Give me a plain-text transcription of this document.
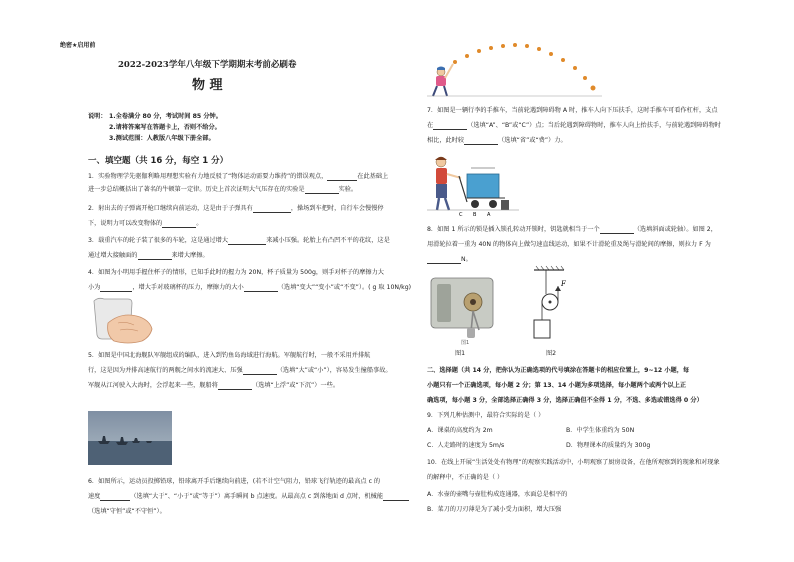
绝密★启用前
2022-2023学年八年级下学期期末考前必刷卷
物 理
说明： 1.全卷满分 80 分，考试时间 85 分钟。
2.请将答案写在答题卡上，否则不给分。
3.测试范围：人教版八年级下册全部。
一、填空题（共 16 分，每空 1 分）
1．实验物理学先驱伽利略用理想实验有力地反驳了“物体运动需要力维持”的错误观点，	在此基础上
进一步总结概括出了著名的牛顿第一定律。历史上首次证明大气压存在的实验是	实验。
2．射出去的子弹离开枪口继续向前运动，这是由于子弹具有	，操场到车把时，自行车会慢慢停
下，说明力可以改变物体的	。
3．载重汽车的轮子装了很多的车轮，这是通过增大	来减小压强。轮胎上有凸凹不平的花纹，这是
通过增大接触面的	来增大摩擦。
4．如图为小明用手握住杯子的情形，已知手此时的握力为 20N，杯子质量为 500g，则手对杯子的摩擦力大
小为	，增大手对玻璃杯的压力，摩擦力的大小	（选填“变大”“变小”或“不变”）。( g 取 10N/kg)
5．如图是中国北海舰队军舰组成的编队，进入到钓鱼岛海域进行海航。军舰航行时，一般不采用并排航
行，这是因为并排高速航行的两舰之间水的流速大、压强	（选填“大”或“小”），容易发生撞船事故。
军舰从江河驶入大海时，会浮起来一些，舰船将	（选填“上浮”或“下沉”）一些。
6．如图所示，运动员投掷铅球，铅球离开手后继续向前进，(若不计空气阻力，铅球飞行轨迹的最高点 c 的
速度	（选填“大于”、“小于”或“等于”）离手瞬间 b 点速度。从最高点 c 到落地面 d 点时，机械能
（选填“守恒”或“不守恒”）。
7．如图是一辆行李的手推车，当前轮遇到障碍物 A 时，推车人向下压扶手，这时手推车可看作杠杆，支点
在	（选填“A”、“B”或“C”）点；当后轮遇到障碍物时，推车人向上抬扶手，与前轮遇到障碍物时
相比，此时较	（选填“省”或“费”）力。
C B A
8．如图 1 所示的锁是插入锁孔转动开锁时，钥匙就相当于一个	（选填斜面或轮轴）。如图 2，
用滑轮拉着一重为 40N 的物体向上做匀速直线运动，如果不计滑轮重及绳与滑轮间的摩擦，则拉力 F 为
N。
图1
图1
F
图2
二、选择题（共 14 分，把你认为正确选项的代号填涂在答题卡的相应位置上，9~12 小题，每
小题只有一个正确选项，每小题 2 分；第 13、14 小题为多项选择，每小题两个或两个以上正
确选项，每小题 3 分，全部选择正确得 3 分，选择正确但不全得 1 分，不选、多选或错选得 0 分）
9．下列几种估测中，最符合实际的是（ ）
A．课桌的高度约为 2m	B．中学生体重约为 50N
C．人走路时的速度为 5m/s	D．物理课本的质量约为 300g
10．在线上开展“生活处处有物理”的观察实践活动中，小明观察了厨房设备，在他所观察到的现象和对现象
的解释中，不正确的是（ ）
A．水壶的壶嘴与壶肚构成连通器，水面总是相平的
B．菜刀的刀刃薄是为了减小受力面积，增大压强
